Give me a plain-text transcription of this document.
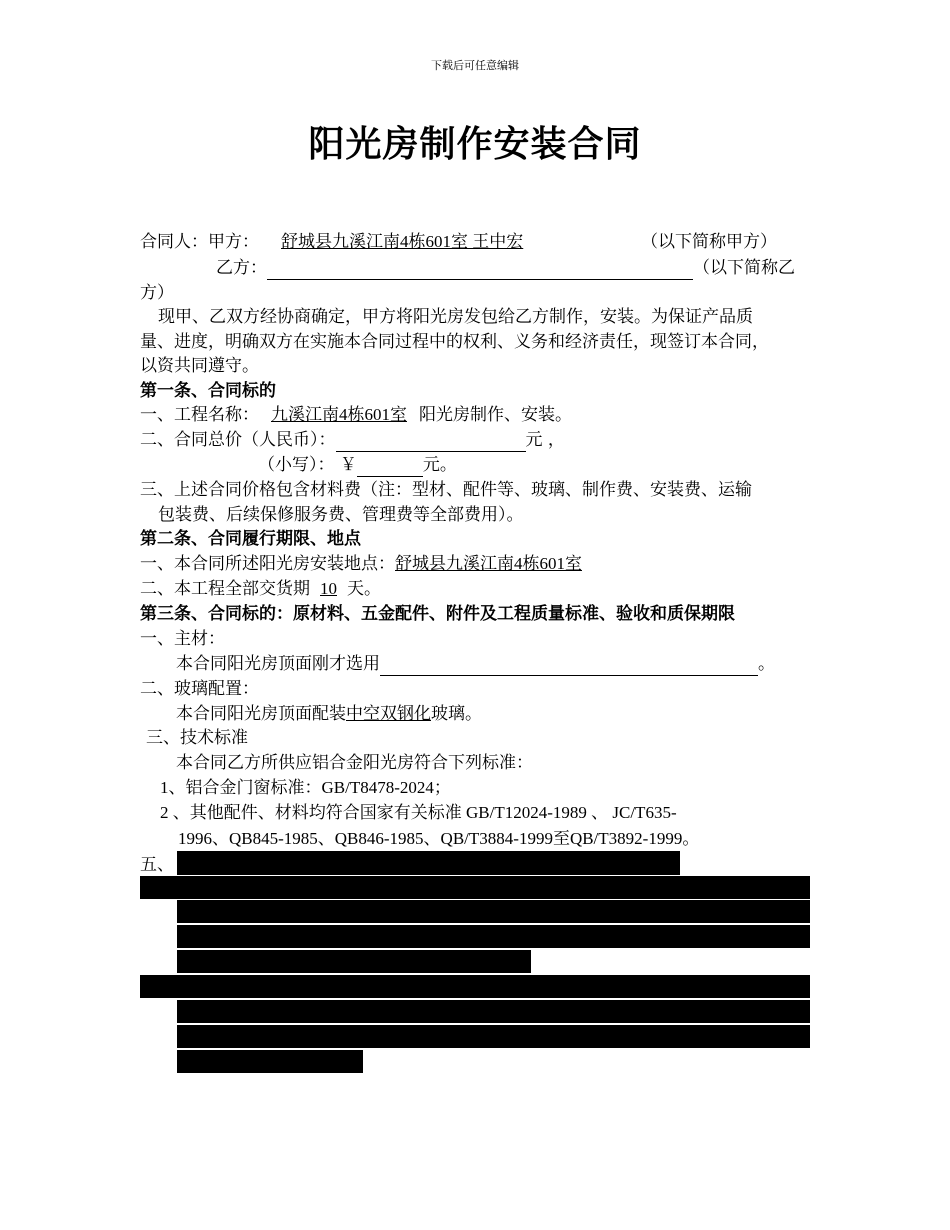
下载后可任意编辑
阳光房制作安装合同
合同人：甲方： 舒城县九溪江南4栋601室 王中宏	（以下简称甲方）
乙方：	（以下简称乙
方）
现甲、乙双方经协商确定，甲方将阳光房发包给乙方制作，安装。为保证产品质
量、进度，明确双方在实施本合同过程中的权利、义务和经济责任，现签订本合同，
以资共同遵守。
第一条、合同标的
一、工程名称： 九溪江南4栋601室 阳光房制作、安装。
二、合同总价（人民币）：	元 ，
（小写）： ￥	元。
三、上述合同价格包含材料费（注：型材、配件等、玻璃、制作费、安装费、运输
包装费、后续保修服务费、管理费等全部费用）。
第二条、合同履行期限、地点
一、本合同所述阳光房安装地点：舒城县九溪江南4栋601室
二、本工程全部交货期 10 天。
第三条、合同标的：原材料、五金配件、附件及工程质量标准、验收和质保期限
一、主材：
本合同阳光房顶面刚才选用	。
二、玻璃配置：
本合同阳光房顶面配装中空双钢化玻璃。
三、技术标准
本合同乙方所供应铝合金阳光房符合下列标准：
1、铝合金门窗标准：GB/T8478-2024；
2 、其他配件、材料均符合国家有关标准 GB/T12024-1989 、 JC/T635-
1996、QB845-1985、QB846-1985、QB/T3884-1999至QB/T3892-1999。
五、
